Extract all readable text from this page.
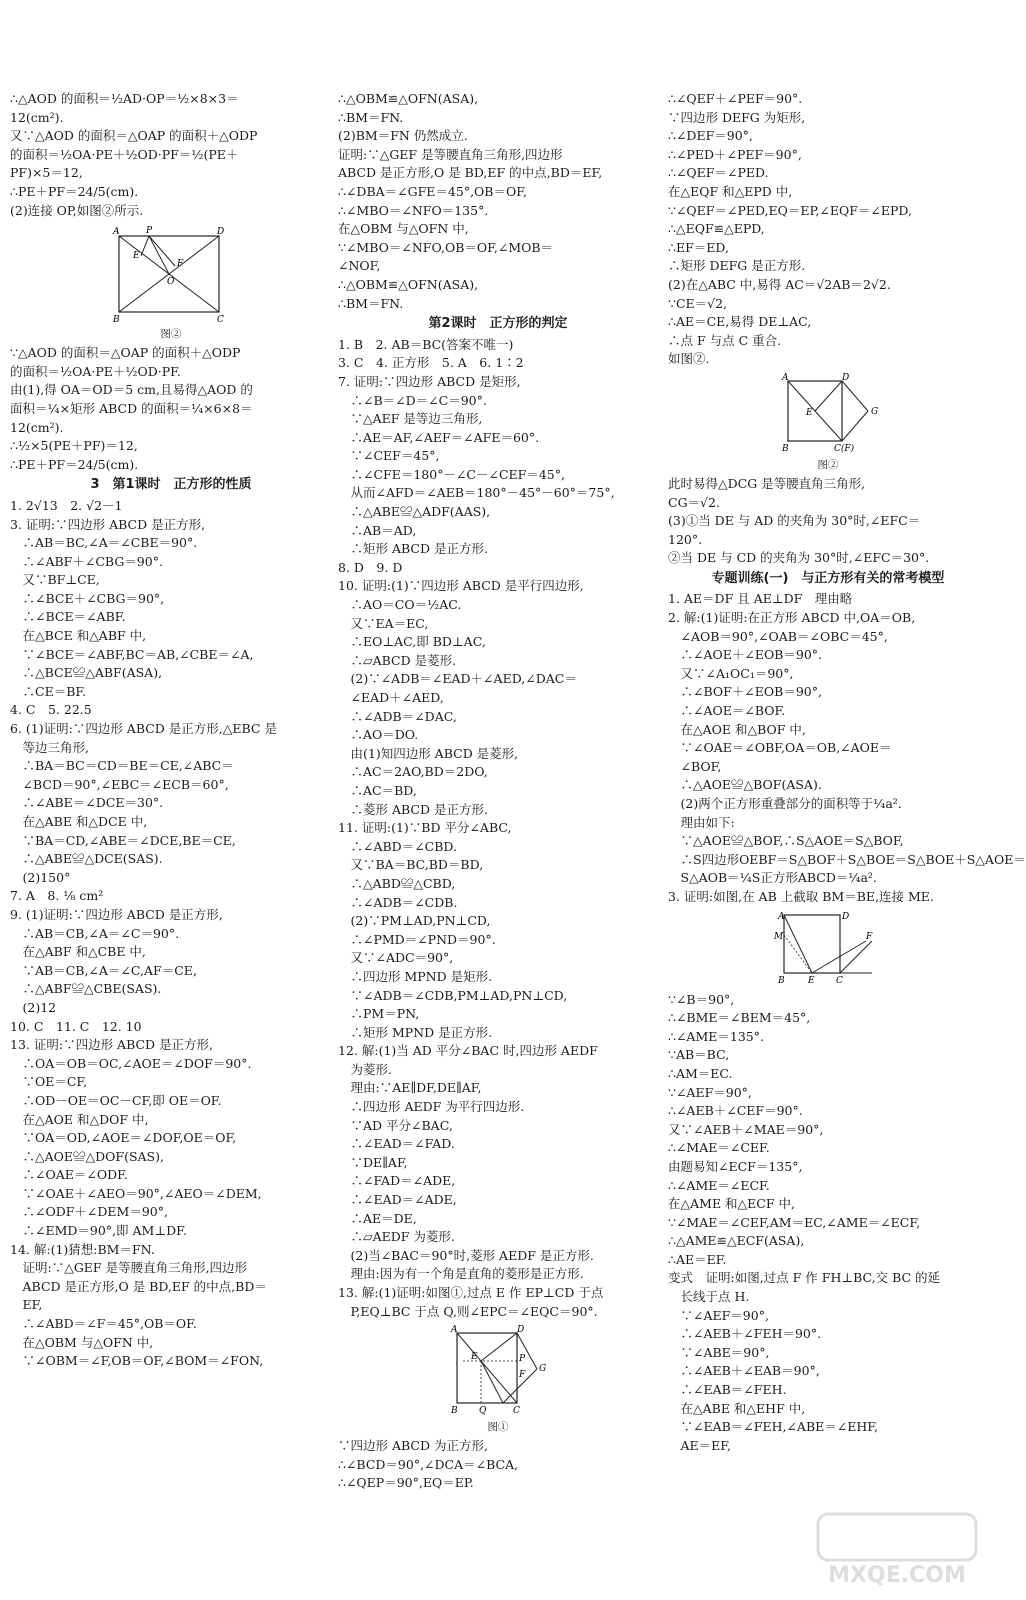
∴△AOD 的面积＝½AD·OP＝½×8×3＝
12(cm²).
又∵△AOD 的面积＝△OAP 的面积＋△ODP
的面积＝½OA·PE＋½OD·PF＝½(PE＋
PF)×5＝12,
∴PE＋PF＝24/5(cm).
(2)连接 OP,如图②所示.
A	P	D
E
F
O
B	C
图②
∵△AOD 的面积＝△OAP 的面积＋△ODP
的面积＝½OA·PE＋½OD·PF.
由(1),得 OA＝OD＝5 cm,且易得△AOD 的
面积＝¼×矩形 ABCD 的面积＝¼×6×8＝
12(cm²).
∴½×5(PE＋PF)＝12,
∴PE＋PF＝24/5(cm).
3　第1课时　正方形的性质
1. 2√13　2. √2－1
3. 证明:∵四边形 ABCD 是正方形,
　∴AB＝BC,∠A＝∠CBE＝90°.
　∴∠ABF＋∠CBG＝90°.
　又∵BF⊥CE,
　∴∠BCE＋∠CBG＝90°,
　∴∠BCE＝∠ABF.
　在△BCE 和△ABF 中,
　∵∠BCE＝∠ABF,BC＝AB,∠CBE＝∠A,
　∴△BCE≌△ABF(ASA),
　∴CE＝BF.
4. C　5. 22.5
6. (1)证明:∵四边形 ABCD 是正方形,△EBC 是
　等边三角形,
　∴BA＝BC＝CD＝BE＝CE,∠ABC＝
　∠BCD＝90°,∠EBC＝∠ECB＝60°,
　∴∠ABE＝∠DCE＝30°.
　在△ABE 和△DCE 中,
　∵BA＝CD,∠ABE＝∠DCE,BE＝CE,
　∴△ABE≌△DCE(SAS).
　(2)150°
7. A　8. ⅛ cm²
9. (1)证明:∵四边形 ABCD 是正方形,
　∴AB＝CB,∠A＝∠C＝90°.
　在△ABF 和△CBE 中,
　∵AB＝CB,∠A＝∠C,AF＝CE,
　∴△ABF≌△CBE(SAS).
　(2)12
10. C　11. C　12. 10
13. 证明:∵四边形 ABCD 是正方形,
　∴OA＝OB＝OC,∠AOE＝∠DOF＝90°.
　∵OE＝CF,
　∴OD－OE＝OC－CF,即 OE＝OF.
　在△AOE 和△DOF 中,
　∵OA＝OD,∠AOE＝∠DOF,OE＝OF,
　∴△AOE≌△DOF(SAS),
　∴∠OAE＝∠ODF.
　∵∠OAE＋∠AEO＝90°,∠AEO＝∠DEM,
　∴∠ODF＋∠DEM＝90°,
　∴∠EMD＝90°,即 AM⊥DF.
14. 解:(1)猜想:BM＝FN.
　证明:∵△GEF 是等腰直角三角形,四边形
　ABCD 是正方形,O 是 BD,EF 的中点,BD＝
　EF,
　∴∠ABD＝∠F＝45°,OB＝OF.
　在△OBM 与△OFN 中,
　∵∠OBM＝∠F,OB＝OF,∠BOM＝∠FON,
∴△OBM≌△OFN(ASA),
∴BM＝FN.
(2)BM＝FN 仍然成立.
证明:∵△GEF 是等腰直角三角形,四边形
ABCD 是正方形,O 是 BD,EF 的中点,BD＝EF,
∴∠DBA＝∠GFE＝45°,OB＝OF,
∴∠MBO＝∠NFO＝135°.
在△OBM 与△OFN 中,
∵∠MBO＝∠NFO,OB＝OF,∠MOB＝
∠NOF,
∴△OBM≌△OFN(ASA),
∴BM＝FN.
第2课时　正方形的判定
1. B　2. AB＝BC(答案不唯一)
3. C　4. 正方形　5. A　6. 1∶2
7. 证明:∵四边形 ABCD 是矩形,
　∴∠B＝∠D＝∠C＝90°.
　∵△AEF 是等边三角形,
　∴AE＝AF,∠AEF＝∠AFE＝60°.
　∵∠CEF＝45°,
　∴∠CFE＝180°－∠C－∠CEF＝45°,
　从而∠AFD＝∠AEB＝180°－45°－60°＝75°,
　∴△ABE≌△ADF(AAS),
　∴AB＝AD,
　∴矩形 ABCD 是正方形.
8. D　9. D
10. 证明:(1)∵四边形 ABCD 是平行四边形,
　∴AO＝CO＝½AC.
　又∵EA＝EC,
　∴EO⊥AC,即 BD⊥AC,
　∴▱ABCD 是菱形.
　(2)∵∠ADB＝∠EAD＋∠AED,∠DAC＝
　∠EAD＋∠AED,
　∴∠ADB＝∠DAC,
　∴AO＝DO.
　由(1)知四边形 ABCD 是菱形,
　∴AC＝2AO,BD＝2DO,
　∴AC＝BD,
　∴菱形 ABCD 是正方形.
11. 证明:(1)∵BD 平分∠ABC,
　∴∠ABD＝∠CBD.
　又∵BA＝BC,BD＝BD,
　∴△ABD≌△CBD,
　∴∠ADB＝∠CDB.
　(2)∵PM⊥AD,PN⊥CD,
　∴∠PMD＝∠PND＝90°.
　又∵∠ADC＝90°,
　∴四边形 MPND 是矩形.
　∵∠ADB＝∠CDB,PM⊥AD,PN⊥CD,
　∴PM＝PN,
　∴矩形 MPND 是正方形.
12. 解:(1)当 AD 平分∠BAC 时,四边形 AEDF
　为菱形.
　理由:∵AE∥DF,DE∥AF,
　∴四边形 AEDF 为平行四边形.
　∵AD 平分∠BAC,
　∴∠EAD＝∠FAD.
　∵DE∥AF,
　∴∠FAD＝∠ADE,
　∴∠EAD＝∠ADE,
　∴AE＝DE,
　∴▱AEDF 为菱形.
　(2)当∠BAC＝90°时,菱形 AEDF 是正方形.
　理由:因为有一个角是直角的菱形是正方形.
13. 解:(1)证明:如图①,过点 E 作 EP⊥CD 于点
　P,EQ⊥BC 于点 Q,则∠EPC＝∠EQC＝90°.
A	D
E	P
F
G
B Q	C
图①
∵四边形 ABCD 为正方形,
∴∠BCD＝90°,∠DCA＝∠BCA,
∴∠QEP＝90°,EQ＝EP.
∴∠QEF＋∠PEF＝90°.
∵四边形 DEFG 为矩形,
∴∠DEF＝90°,
∴∠PED＋∠PEF＝90°,
∴∠QEF＝∠PED.
在△EQF 和△EPD 中,
∵∠QEF＝∠PED,EQ＝EP,∠EQF＝∠EPD,
∴△EQF≌△EPD,
∴EF＝ED,
∴矩形 DEFG 是正方形.
(2)在△ABC 中,易得 AC＝√2AB＝2√2.
∵CE＝√2,
∴AE＝CE,易得 DE⊥AC,
∴点 F 与点 C 重合.
如图②.
A	D
E	G
B	C(F)
图②
此时易得△DCG 是等腰直角三角形,
CG＝√2.
(3)①当 DE 与 AD 的夹角为 30°时,∠EFC＝
120°.
②当 DE 与 CD 的夹角为 30°时,∠EFC＝30°.
专题训练(一)　与正方形有关的常考模型
1. AE＝DF 且 AE⊥DF　理由略
2. 解:(1)证明:在正方形 ABCD 中,OA＝OB,
　∠AOB＝90°,∠OAB＝∠OBC＝45°,
　∴∠AOE＋∠EOB＝90°.
　又∵∠A₁OC₁＝90°,
　∴∠BOF＋∠EOB＝90°,
　∴∠AOE＝∠BOF.
　在△AOE 和△BOF 中,
　∵∠OAE＝∠OBF,OA＝OB,∠AOE＝
　∠BOF,
　∴△AOE≌△BOF(ASA).
　(2)两个正方形重叠部分的面积等于¼a².
　理由如下:
　∵△AOE≌△BOF,∴S△AOE＝S△BOF,
　∴S四边形OEBF＝S△BOF＋S△BOE＝S△BOE＋S△AOE＝
　S△AOB＝¼S正方形ABCD＝¼a².
3. 证明:如图,在 AB 上截取 BM＝BE,连接 ME.
A	D
M	F
B	E C
∵∠B＝90°,
∴∠BME＝∠BEM＝45°,
∴∠AME＝135°.
∵AB＝BC,
∴AM＝EC.
∵∠AEF＝90°,
∴∠AEB＋∠CEF＝90°.
又∵∠AEB＋∠MAE＝90°,
∴∠MAE＝∠CEF.
由题易知∠ECF＝135°,
∴∠AME＝∠ECF.
在△AME 和△ECF 中,
∵∠MAE＝∠CEF,AM＝EC,∠AME＝∠ECF,
∴△AME≌△ECF(ASA),
∴AE＝EF.
变式　证明:如图,过点 F 作 FH⊥BC,交 BC 的延
　长线于点 H.
　∵∠AEF＝90°,
　∴∠AEB＋∠FEH＝90°.
　∵∠ABE＝90°,
　∴∠AEB＋∠EAB＝90°,
　∴∠EAB＝∠FEH.
　在△ABE 和△EHF 中,
　∵∠EAB＝∠FEH,∠ABE＝∠EHF,
　AE＝EF,
MXQE.COM
